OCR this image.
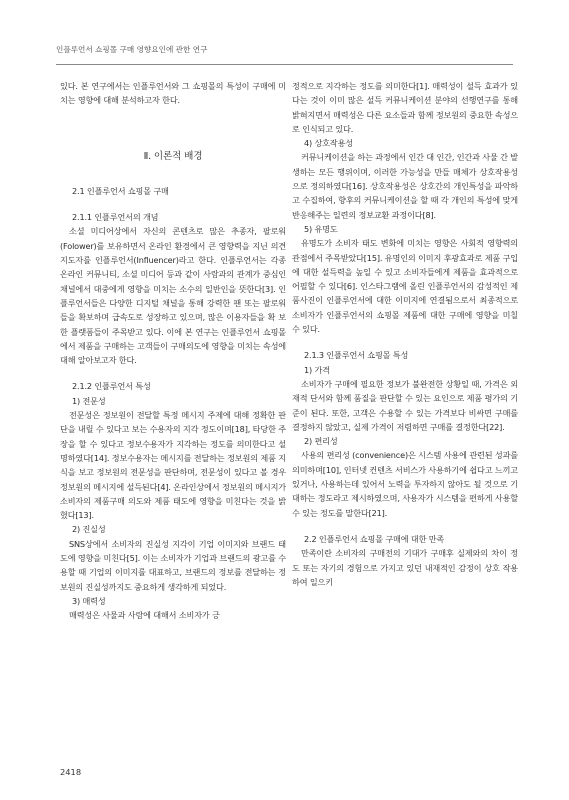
인플루언서 쇼핑몰 구매 영향요인에 관한 연구

있다. 본 연구에서는 인플루언서와 그 쇼핑몰의 특성이 구매에 미치는 영향에 대해 분석하고자 한다.

Ⅱ. 이론적 배경
2.1 인플루언서 쇼핑몰 구매
2.1.1 인플루언서의 개념

소셜 미디어상에서 자신의 콘텐츠로 많은 추종자, 팔로워(Folower)를 보유하면서 온라인 환경에서 큰 영향력을 지닌 의견지도자를 인플루언서(Influencer)라고 한다. 인플루언서는 각종 온라인 커뮤니티, 소셜 미디어 등과 같이 사람과의 관계가 중심인 채널에서 대중에게 영향을 미치는 소수의 일반인을 뜻한다[3]. 인플루언서들은 다양한 디지털 채널을 통해 강력한 팬 또는 팔로워들을 확보하며 급속도로 성장하고 있으며, 많은 이용자들을 확 보한 플랫폼들이 주목받고 있다. 이에 본 연구는 인플루언서 쇼핑몰에서 제품을 구매하는 고객들이 구매의도에 영향을 미치는 속성에 대해 알아보고자 한다.

2.1.2 인플루언서 특성
1) 전문성

전문성은 정보원이 전달할 특정 메시지 주제에 대해 정확한 판단을 내릴 수 있다고 보는 수용자의 지각 정도이며[18], 타당한 주장을 할 수 있다고 정보수용자가 지각하는 정도를 의미한다고 설명하였다[14]. 정보수용자는 메시지를 전달하는 정보원의 제품 지식을 보고 정보원의 전문성을 판단하며, 전문성이 있다고 볼 경우 정보원의 메시지에 설득된다[4]. 온라인상에서 정보원의 메시지가 소비자의 제품구매 의도와 제품 태도에 영향을 미친다는 것을 밝혔다[13].

2) 진실성

SNS상에서 소비자의 진실성 지각이 기업 이미지와 브랜드 태도에 영향을 미친다[5]. 이는 소비자가 기업과 브랜드의 광고를 수용할 때 기업의 이미지를 대표하고, 브랜드의 정보를 전달하는 정보원의 진실성까지도 중요하게 생각하게 되었다.

3) 매력성

매력성은 사물과 사람에 대해서 소비자가 긍

정적으로 지각하는 정도를 의미한다[1]. 매력성이 설득 효과가 있다는 것이 이미 많은 설득 커뮤니케이션 분야의 선행연구를 통해 밝혀지면서 매력성은 다른 요소들과 함께 정보원의 중요한 속성으로 인식되고 있다.

4) 상호작용성

커뮤니케이션을 하는 과정에서 인간 대 인간, 인간과 사물 간 발생하는 모든 행위이며, 이러한 가능성을 만들 매체가 상호작용성으로 정의하였다[16]. 상호작용성은 상호간의 개인특성을 파악하고 수집하여, 향후의 커뮤니케이션을 할 때 각 개인의 특성에 맞게 반응해주는 일련의 정보교환 과정이다[8].

5) 유명도

유명도가 소비자 태도 변화에 미치는 영향은 사회적 영향력의 관점에서 주목받았다[15]. 유명인의 이미지 후광효과로 제품 구입에 대한 설득력을 높일 수 있고 소비자들에게 제품을 효과적으로 어필할 수 있다[6]. 인스타그램에 올린 인플루언서의 감성적인 제품사진이 인플루언서에 대한 이미지에 연결됨으로서 최종적으로 소비자가 인플루언서의 쇼핑몰 제품에 대한 구매에 영향을 미칠 수 있다.

2.1.3 인플루언서 쇼핑몰 특성
1) 가격

소비자가 구매에 필요한 정보가 불완전한 상황일 때, 가격은 외재적 단서와 함께 품질을 판단할 수 있는 요인으로 제품 평가의 기준이 된다. 또한, 고객은 수용할 수 있는 가격보다 비싸면 구매를 결정하지 않았고, 실제 가격이 저렴하면 구매를 결정한다[22].

2) 편리성

사용의 편리성 (convenience)은 시스템 사용에 관련된 성과를 의미하며[10], 인터넷 컨텐츠 서비스가 사용하기에 쉽다고 느끼고 있거나, 사용하는데 있어서 노력을 투자하지 않아도 될 것으로 기대하는 정도라고 제시하였으며, 사용자가 시스템을 편하게 사용할 수 있는 정도를 말한다[21].

2.2 인플루언서 쇼핑몰 구매에 대한 만족

만족이란 소비자의 구매전의 기대가 구매후 실제와의 차이 정도 또는 자기의 경험으로 가지고 있던 내재적인 감정이 상호 작용하여 일으키

2418
